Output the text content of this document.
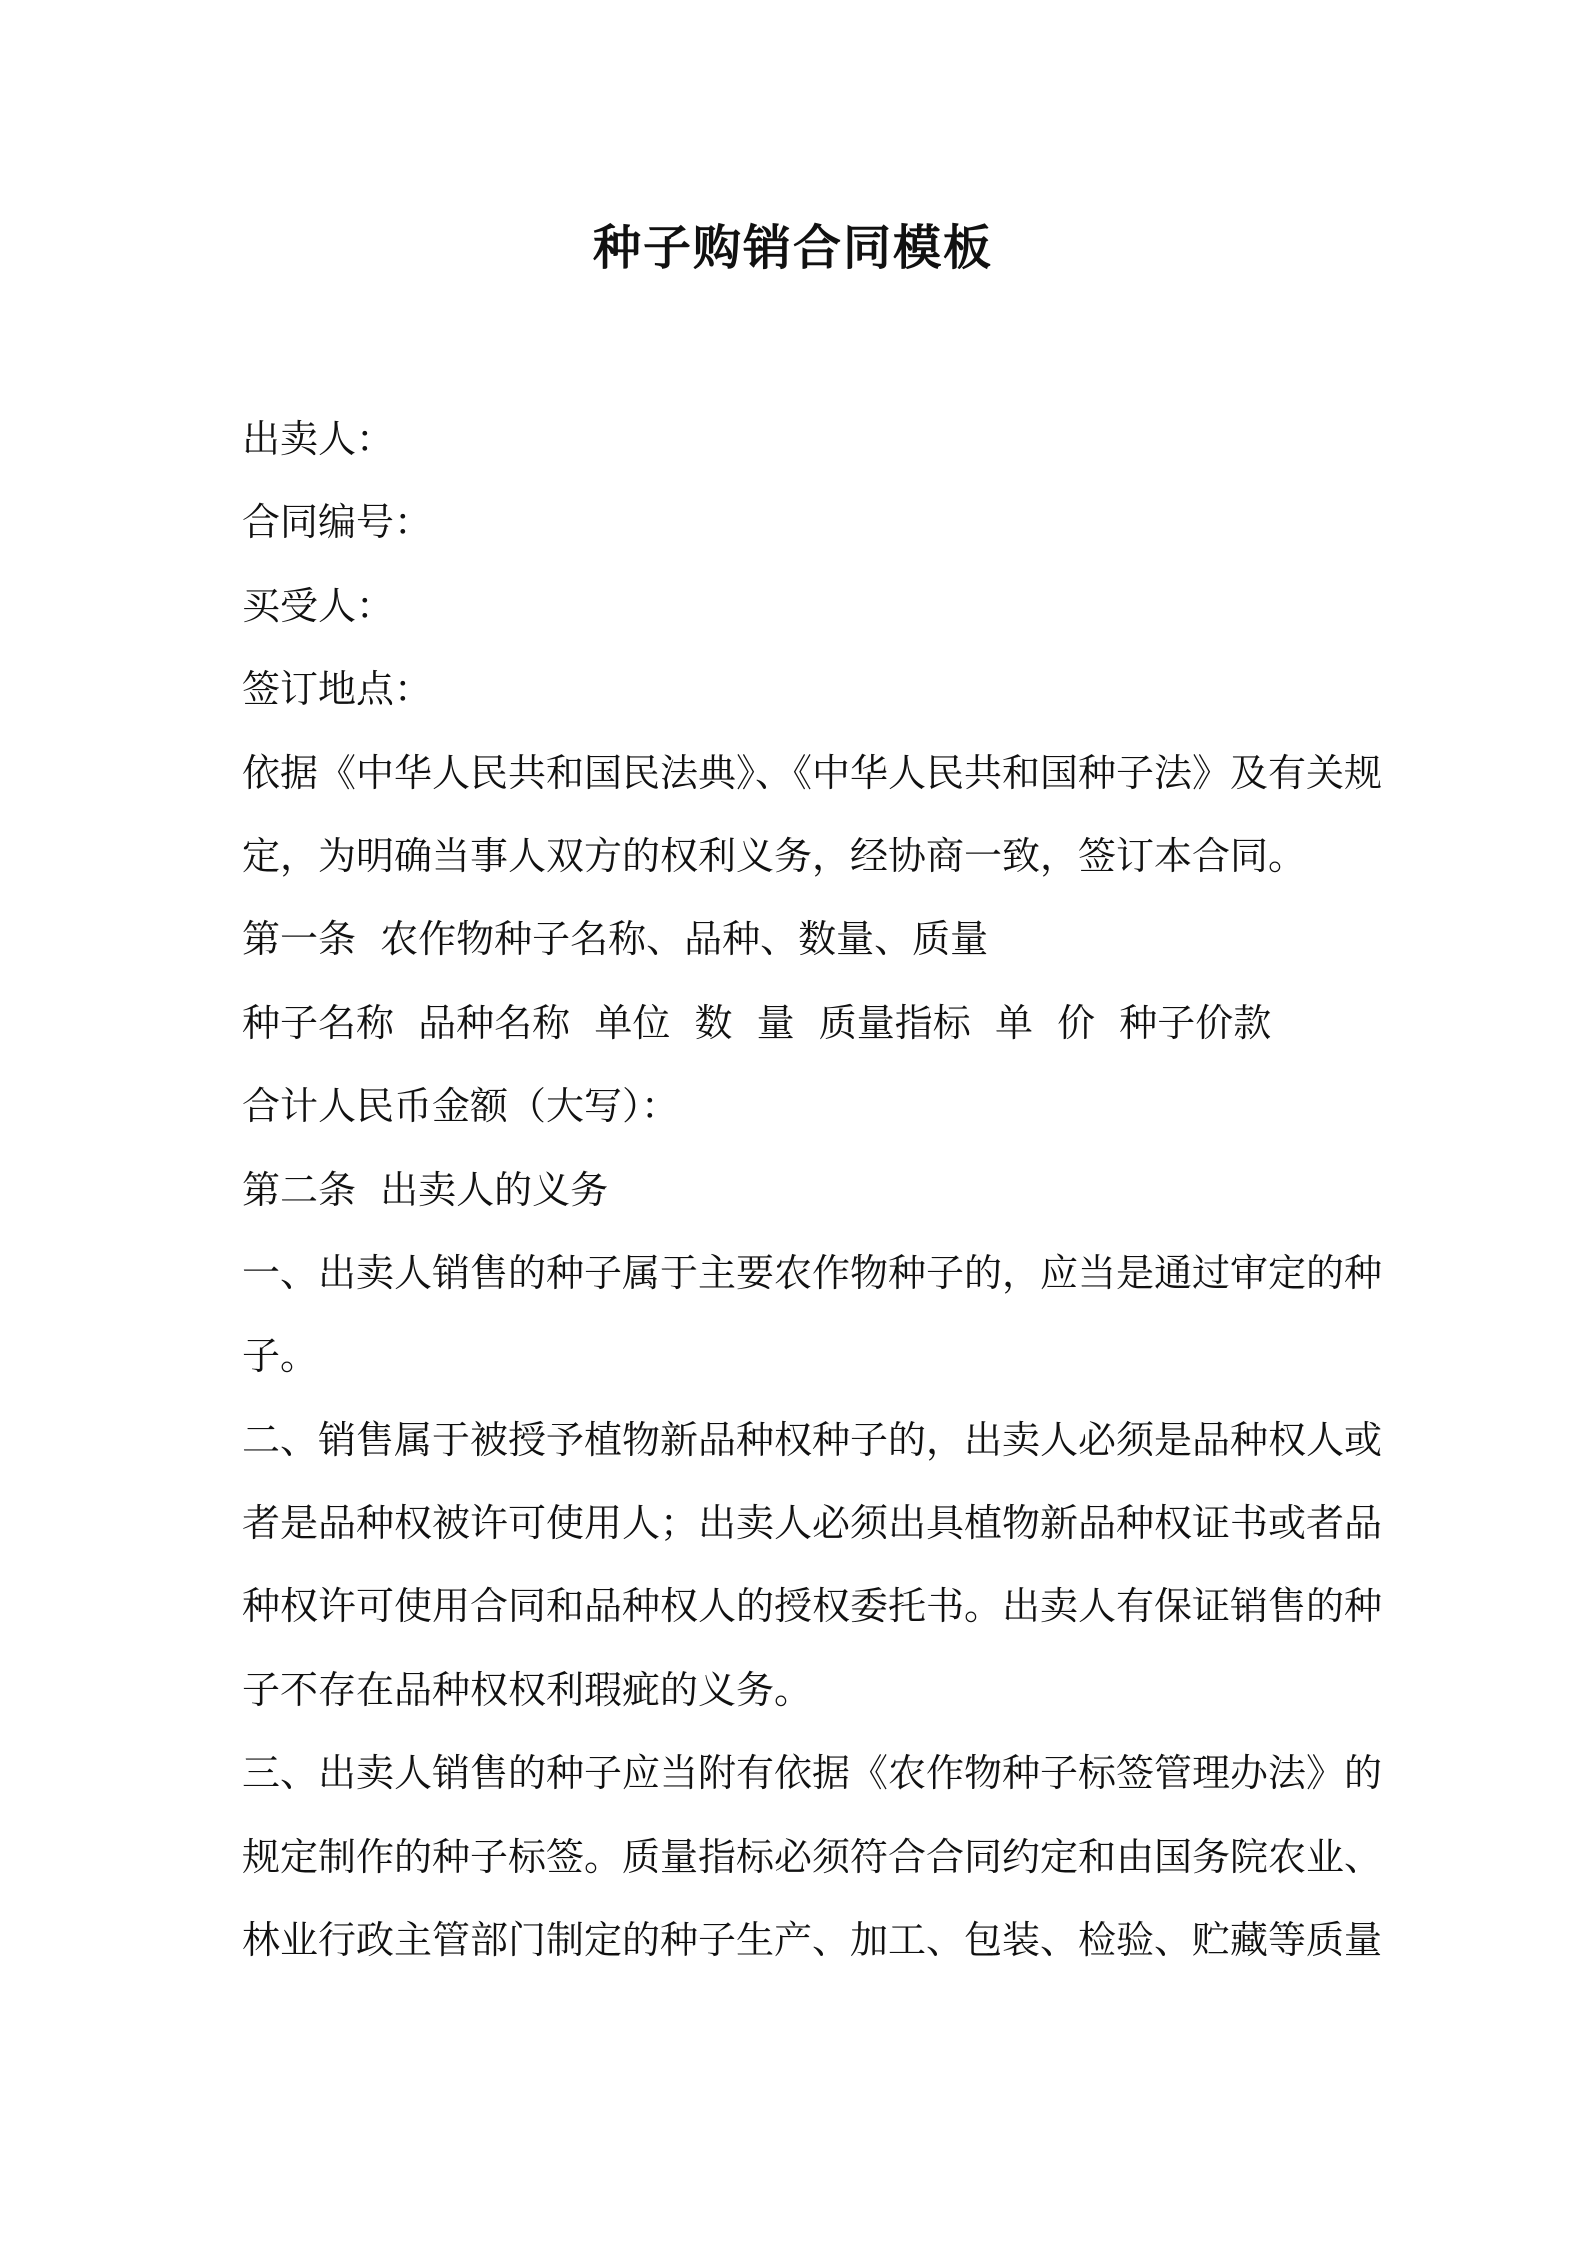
种子购销合同模板
出卖人：
合同编号：
买受人：
签订地点：
依据《中华人民共和国民法典》、《中华人民共和国种子法》及有关规
定，为明确当事人双方的权利义务，经协商一致，签订本合同。
第一条  农作物种子名称、品种、数量、质量
种子名称  品种名称  单位  数  量  质量指标  单  价  种子价款
合计人民币金额（大写）：
第二条  出卖人的义务
一、出卖人销售的种子属于主要农作物种子的，应当是通过审定的种
子。
二、销售属于被授予植物新品种权种子的，出卖人必须是品种权人或
者是品种权被许可使用人；出卖人必须出具植物新品种权证书或者品
种权许可使用合同和品种权人的授权委托书。出卖人有保证销售的种
子不存在品种权权利瑕疵的义务。
三、出卖人销售的种子应当附有依据《农作物种子标签管理办法》的
规定制作的种子标签。质量指标必须符合合同约定和由国务院农业、
林业行政主管部门制定的种子生产、加工、包装、检验、贮藏等质量
